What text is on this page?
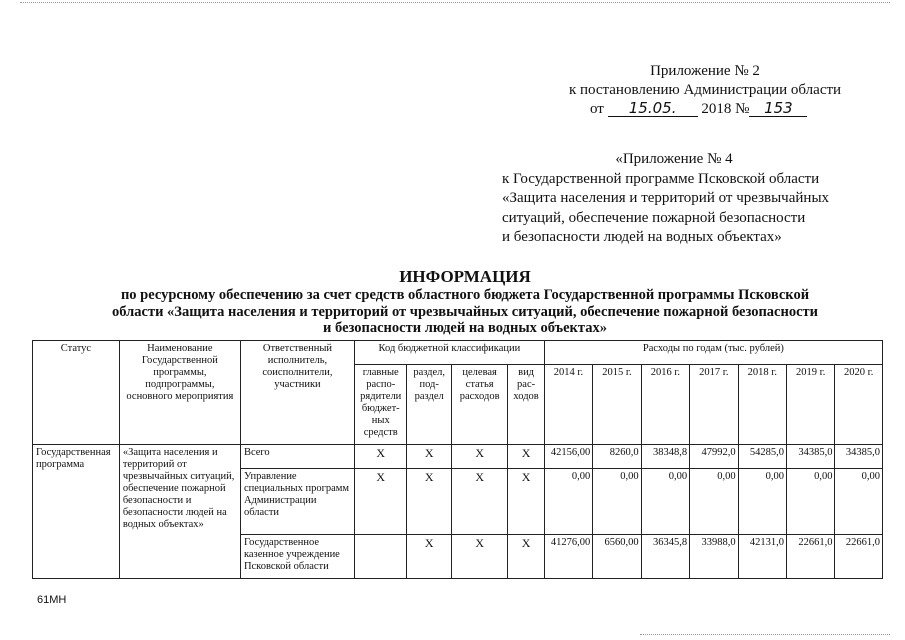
Приложение № 2
к постановлению Администрации области
от 15.05. 2018 № 153
«Приложение № 4
к Государственной программе Псковской области
«Защита населения и территорий от чрезвычайных
ситуаций, обеспечение пожарной безопасности
и безопасности людей на водных объектах»
ИНФОРМАЦИЯ
по ресурсному обеспечению за счет средств областного бюджета Государственной программы Псковской
области «Защита населения и территорий от чрезвычайных ситуаций, обеспечение пожарной безопасности
и безопасности людей на водных объектах»
Статус	Наименование Государственной программы, подпрограммы, основного мероприятия	Ответственный исполнитель, соисполнители, участники	Код бюджетной классификации				Расходы по годам (тыс. рублей)						
			главные распо-рядители бюджет-ных средств	раздел, под-раздел	целевая статья расходов	вид рас-ходов	2014 г.	2015 г.	2016 г.	2017 г.	2018 г.	2019 г.	2020 г.
Государственная программа	«Защита населения и территорий от чрезвычайных ситуаций, обеспечение пожарной безопасности и безопасности людей на водных объектах»	Всего	Х	Х	Х	Х	42156,00	8260,0	38348,8	47992,0	54285,0	34385,0	34385,0
		Управление специальных программ Администрации области	Х	Х	Х	Х	0,00	0,00	0,00	0,00	0,00	0,00	0,00
		Государственное казенное учреждение Псковской области		Х	Х	Х	41276,00	6560,00	36345,8	33988,0	42131,0	22661,0	22661,0
61МН
